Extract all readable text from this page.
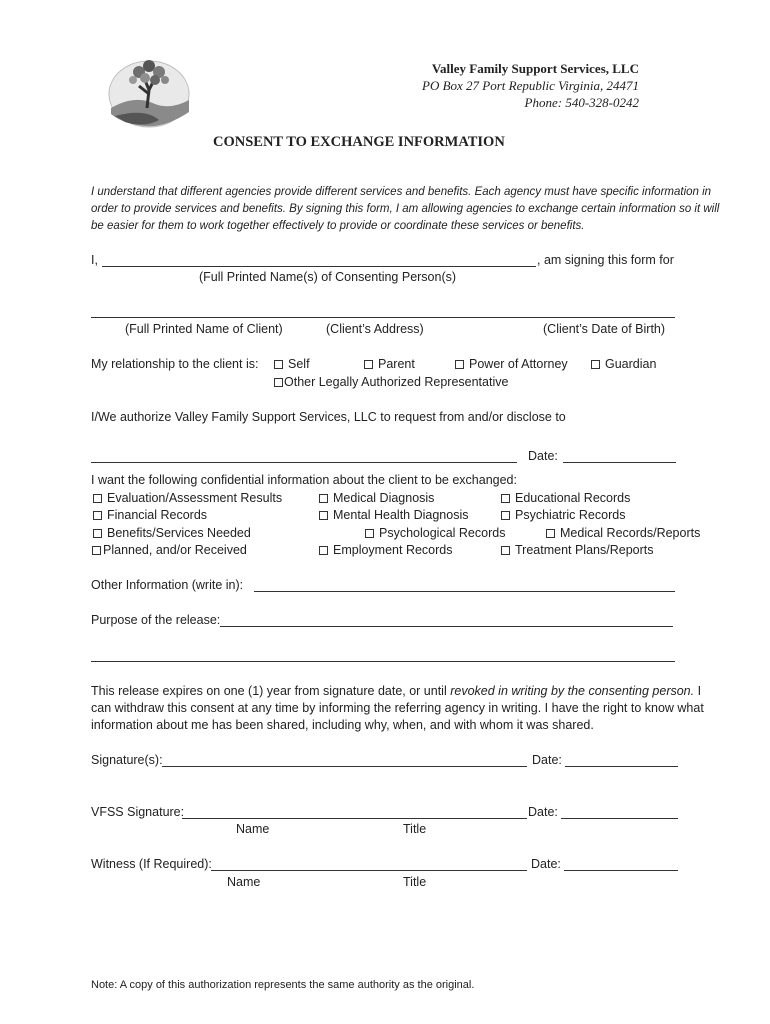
Valley Family Support Services, LLC
PO Box 27 Port Republic Virginia, 24471
Phone: 540-328-0242
CONSENT TO EXCHANGE INFORMATION
I understand that different agencies provide different services and benefits. Each agency must have specific information in order to provide services and benefits. By signing this form, I am allowing agencies to exchange certain information so it will be easier for them to work together effectively to provide or coordinate these services or benefits.
I,	, am signing this form for
(Full Printed Name(s) of Consenting Person(s)
(Full Printed Name of Client)	(Client’s Address)	(Client’s Date of Birth)
My relationship to the client is:	Self	Parent	Power of Attorney	Guardian
Other Legally Authorized Representative
I/We authorize Valley Family Support Services, LLC to request from and/or disclose to
Date:
I want the following confidential information about the client to be exchanged:
Evaluation/Assessment Results	Medical Diagnosis	Educational Records
Financial Records	Mental Health Diagnosis	Psychiatric Records
Benefits/Services Needed	Psychological Records	Medical Records/Reports
Planned, and/or Received	Employment Records	Treatment Plans/Reports
Other Information (write in):
Purpose of the release:
This release expires on one (1) year from signature date, or until revoked in writing by the consenting person. I can withdraw this consent at any time by informing the referring agency in writing. I have the right to know what information about me has been shared, including why, when, and with whom it was shared.
Signature(s):	Date:
VFSS Signature:	Date:
Name	Title
Witness (If Required):	Date:
Name	Title
Note: A copy of this authorization represents the same authority as the original.
